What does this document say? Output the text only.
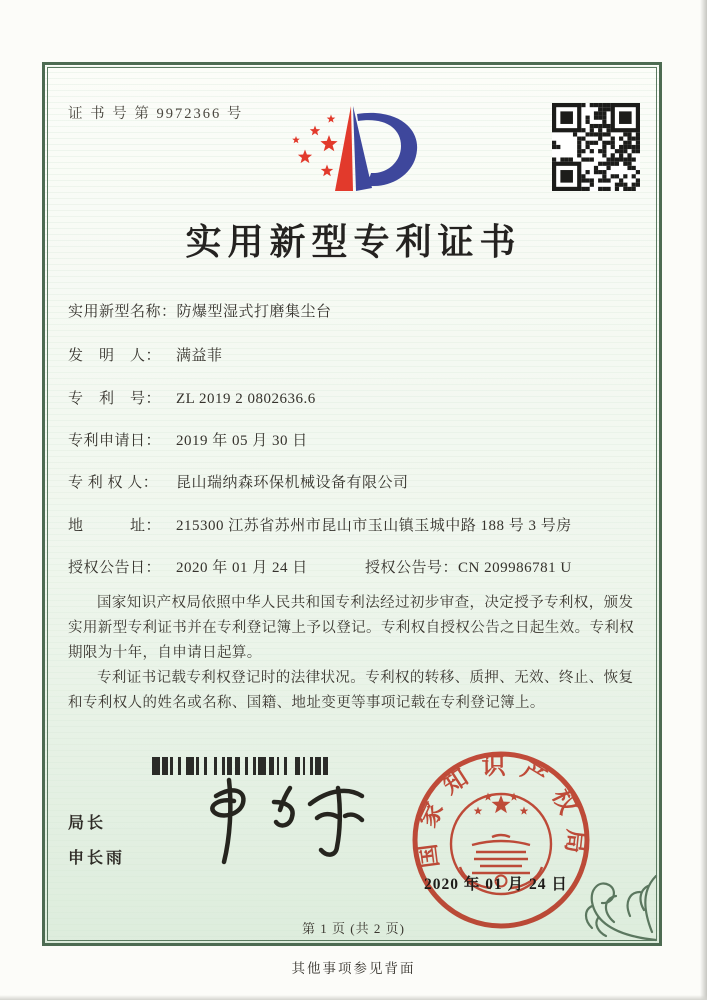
证 书 号 第 9972366 号
实用新型专利证书
实用新型名称：防爆型湿式打磨集尘台
发　明　人： 满益菲
专　利　号： ZL 2019 2 0802636.6
专利申请日： 2019 年 05 月 30 日
专 利 权 人： 昆山瑞纳森环保机械设备有限公司
地　　　址： 215300 江苏省苏州市昆山市玉山镇玉城中路 188 号 3 号房
授权公告日： 2020 年 01 月 24 日	授权公告号：CN 209986781 U

国家知识产权局依照中华人民共和国专利法经过初步审查，决定授予专利权，颁发实用新型专利证书并在专利登记簿上予以登记。专利权自授权公告之日起生效。专利权期限为十年，自申请日起算。

专利证书记载专利权登记时的法律状况。专利权的转移、质押、无效、终止、恢复和专利权人的姓名或名称、国籍、地址变更等事项记载在专利登记簿上。

局长
申长雨	国家知识产权局
2020 年 01 月 24 日
第 1 页 (共 2 页)
其他事项参见背面
